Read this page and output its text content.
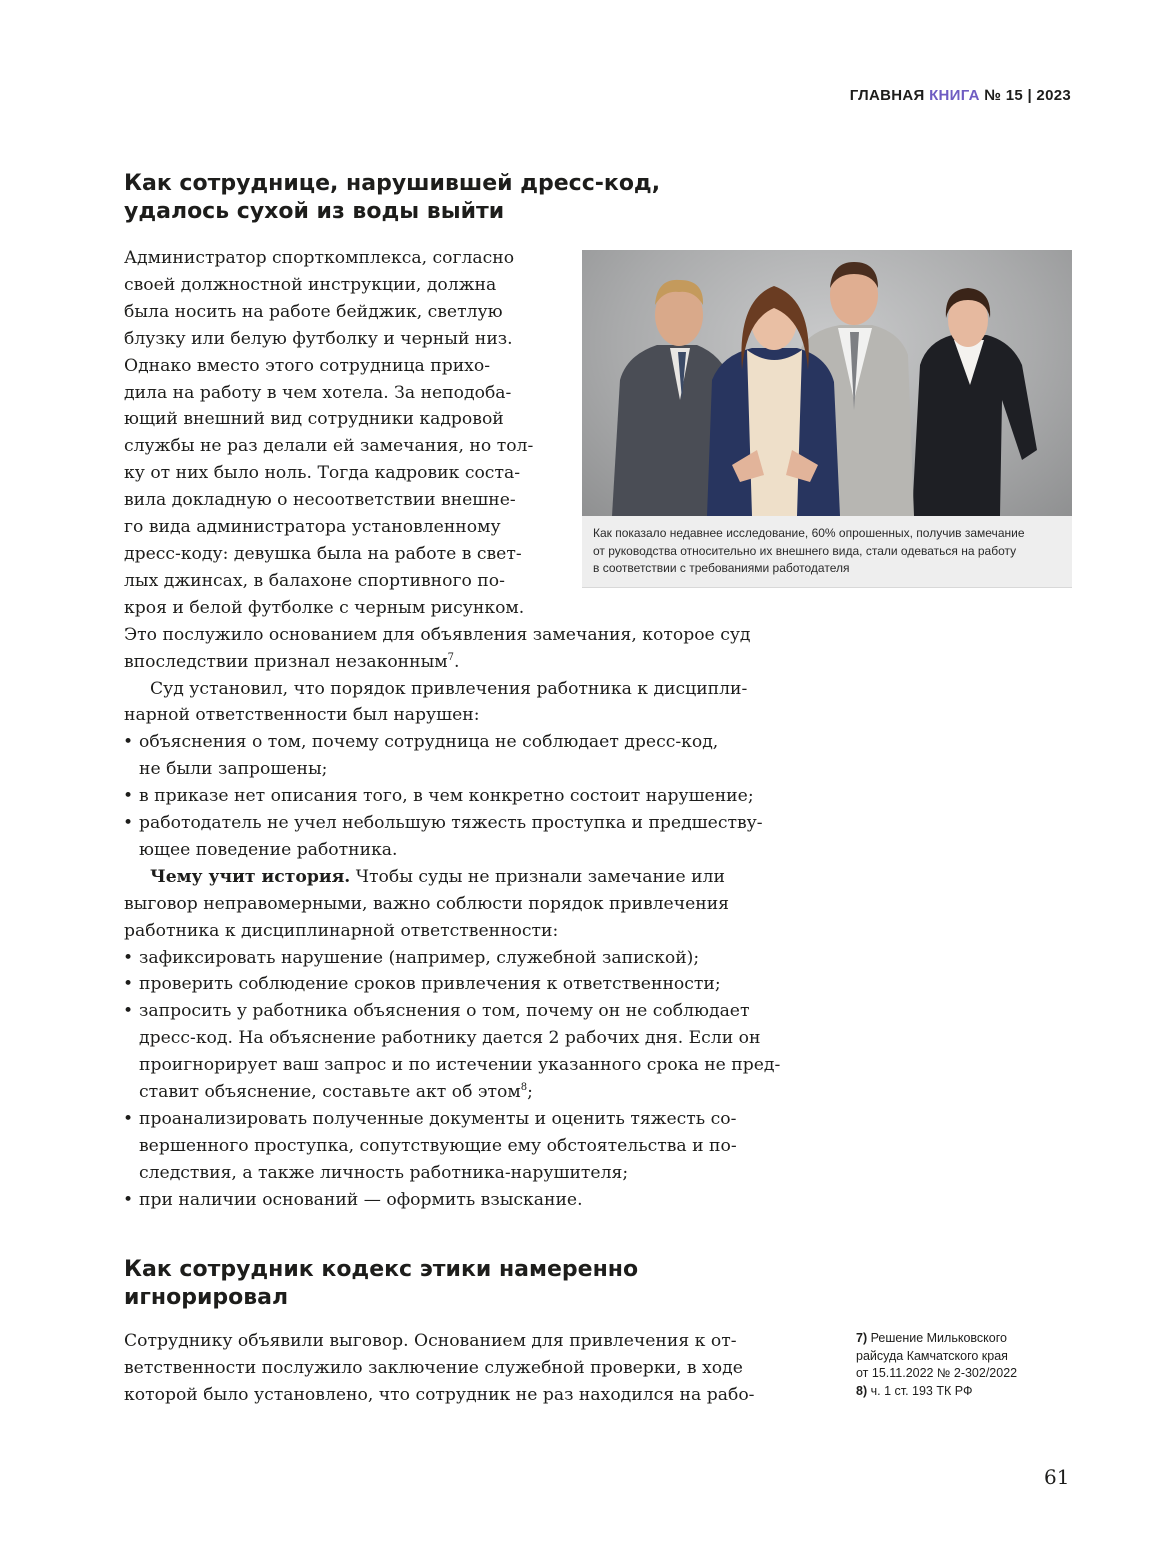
ГЛАВНАЯ КНИГА № 15 | 2023
Как сотруднице, нарушившей дресс-код,
удалось сухой из воды выйти
Администратор спорткомплекса, согласно
своей должностной инструкции, должна
была носить на работе бейджик, светлую
блузку или белую футболку и черный низ.
Однако вместо этого сотрудница прихо-
дила на работу в чем хотела. За неподоба-
ющий внешний вид сотрудники кадровой
службы не раз делали ей замечания, но тол-
ку от них было ноль. Тогда кадровик соста-
вила докладную о несоответствии внешне-
го вида администратора установленному
дресс-коду: девушка была на работе в свет-
лых джинсах, в балахоне спортивного по-
кроя и белой футболке с черным рисунком.
Это послужило основанием для объявления замечания, которое суд
впоследствии признал незаконным$^7$.
Суд установил, что порядок привлечения работника к дисципли-
нарной ответственности был нарушен:
• объяснения о том, почему сотрудница не соблюдает дресс-код,
не были запрошены;
• в приказе нет описания того, в чем конкретно состоит нарушение;
• работодатель не учел небольшую тяжесть проступка и предшеству-
ющее поведение работника.
Чему учит история. Чтобы суды не признали замечание или
выговор неправомерными, важно соблюсти порядок привлечения
работника к дисциплинарной ответственности:
• зафиксировать нарушение (например, служебной запиской);
• проверить соблюдение сроков привлечения к ответственности;
• запросить у работника объяснения о том, почему он не соблюдает
дресс-код. На объяснение работнику дается 2 рабочих дня. Если он
проигнорирует ваш запрос и по истечении указанного срока не пред-
ставит объяснение, составьте акт об этом$^8$;
• проанализировать полученные документы и оценить тяжесть со-
вершенного проступка, сопутствующие ему обстоятельства и по-
следствия, а также личность работника-нарушителя;
• при наличии оснований — оформить взыскание.
Как показало недавнее исследование, 60% опрошенных, получив замечание
от руководства относительно их внешнего вида, стали одеваться на работу
в соответствии с требованиями работодателя
Как сотрудник кодекс этики намеренно
игнорировал
Сотруднику объявили выговор. Основанием для привлечения к от-
ветственности послужило заключение служебной проверки, в ходе
которой было установлено, что сотрудник не раз находился на рабо-
7) Решение Мильковского
райсуда Камчатского края
от 15.11.2022 № 2-302/2022
8) ч. 1 ст. 193 ТК РФ
61
